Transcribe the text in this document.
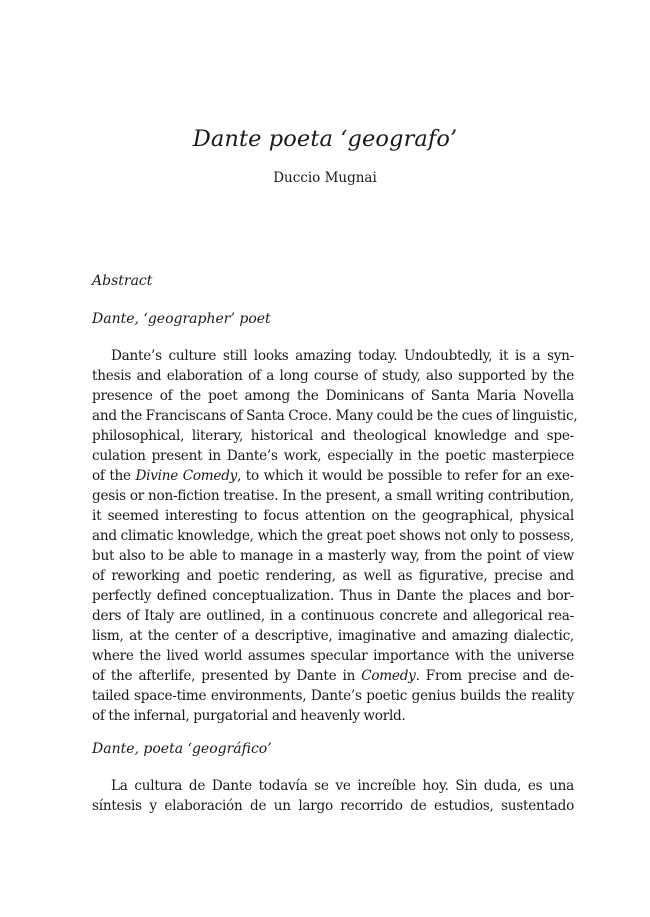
Dante poeta ‘geografo’
Duccio Mugnai
Abstract
Dante, ‘geographer’ poet
Dante’s culture still looks amazing today. Undoubtedly, it is a syn-
thesis and elaboration of a long course of study, also supported by the
presence of the poet among the Dominicans of Santa Maria Novella
and the Franciscans of Santa Croce. Many could be the cues of linguistic,
philosophical, literary, historical and theological knowledge and spe-
culation present in Dante’s work, especially in the poetic masterpiece
of the Divine Comedy, to which it would be possible to refer for an exe-
gesis or non-fiction treatise. In the present, a small writing contribution,
it seemed interesting to focus attention on the geographical, physical
and climatic knowledge, which the great poet shows not only to possess,
but also to be able to manage in a masterly way, from the point of view
of reworking and poetic rendering, as well as figurative, precise and
perfectly defined conceptualization. Thus in Dante the places and bor-
ders of Italy are outlined, in a continuous concrete and allegorical rea-
lism, at the center of a descriptive, imaginative and amazing dialectic,
where the lived world assumes specular importance with the universe
of the afterlife, presented by Dante in Comedy. From precise and de-
tailed space-time environments, Dante’s poetic genius builds the reality
of the infernal, purgatorial and heavenly world.
Dante, poeta ‘geográfico’
La cultura de Dante todavía se ve increíble hoy. Sin duda, es una
síntesis y elaboración de un largo recorrido de estudios, sustentado
